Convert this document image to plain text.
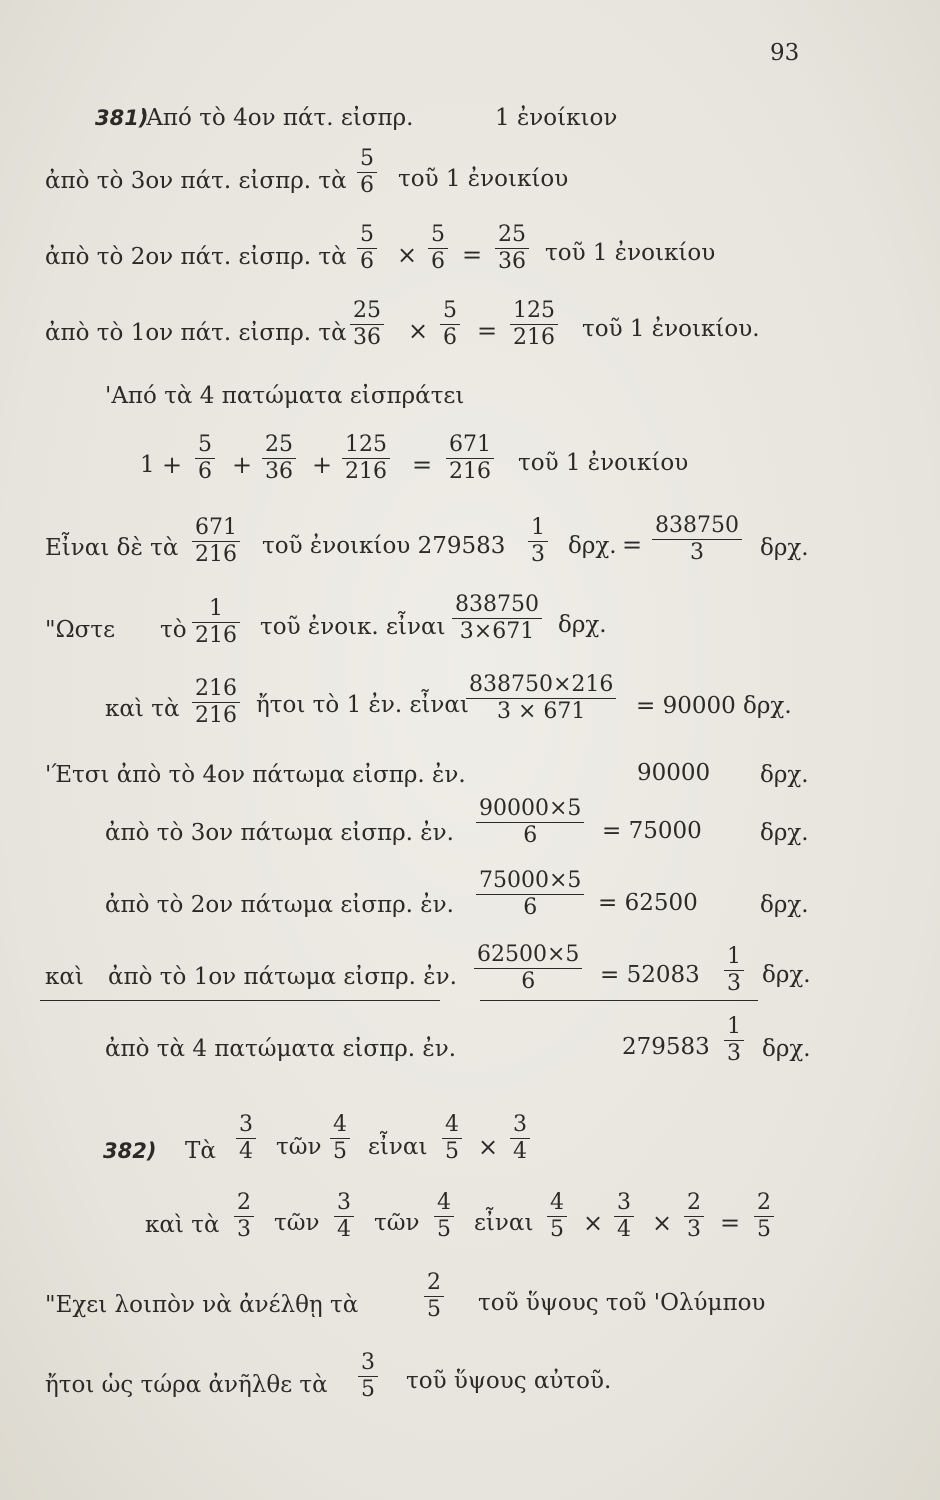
93
381)
'Από τὸ 4ον πάτ. εἰσπρ.	1 ἐνοίκιον
ἀπὸ τὸ 3ον πάτ. εἰσπρ. τὰ
5
6 τοῦ 1 ἐνοικίου
ἀπὸ τὸ 2ον πάτ. εἰσπρ. τὰ
5
6 ×
5
6 =
25
36 τοῦ 1 ἐνοικίου
ἀπὸ τὸ 1ον πάτ. εἰσπρ. τὰ
25
36 ×
5
6 =
125
216 τοῦ 1 ἐνοικίου.
'Από τὰ 4 πατώματα εἰσπράτει
1 +
5
6 +
25
36 +
125
216 =
671
216 τοῦ 1 ἐνοικίου
Εἶναι δὲ τὰ
671
216 τοῦ ἐνοικίου 279583
1
3 δρχ. =
838750
3	δρχ.
"Ωστε τὸ
1
216 τοῦ ἐνοικ. εἶναι
838750
3×671	δρχ.
καὶ τὰ
216
216 ἤτοι τὸ 1 ἐν. εἶναι
838750×216
3 × 671	= 90000 δρχ.
'Έτσι ἀπὸ τὸ 4ον πάτωμα εἰσπρ. ἐν.	90000 δρχ.
ἀπὸ τὸ 3ον πάτωμα εἰσπρ. ἐν.
90000×5
6	= 75000	δρχ.
ἀπὸ τὸ 2ον πάτωμα εἰσπρ. ἐν.
75000×5
6	= 62500	δρχ.
καὶ ἀπὸ τὸ 1ον πάτωμα εἰσπρ. ἐν.
62500×5
6	= 52083
1
3 δρχ.
ἀπὸ τὰ 4 πατώματα εἰσπρ. ἐν.	279583
1
3 δρχ.
382) Τὰ
3
4 τῶν
4
5 εἶναι
4
5 ×
3
4
καὶ τὰ
2
3 τῶν
3
4 τῶν
4
5 εἶναι
4
5 ×
3
4 ×
2
3 =
2
5
"Εχει λοιπὸν νὰ ἀνέλθῃ τὰ
2
5 τοῦ ὕψους τοῦ 'Ολύμπου
ἤτοι ὡς τώρα ἀνῆλθε τὰ
3
5 τοῦ ὕψους αὐτοῦ.
